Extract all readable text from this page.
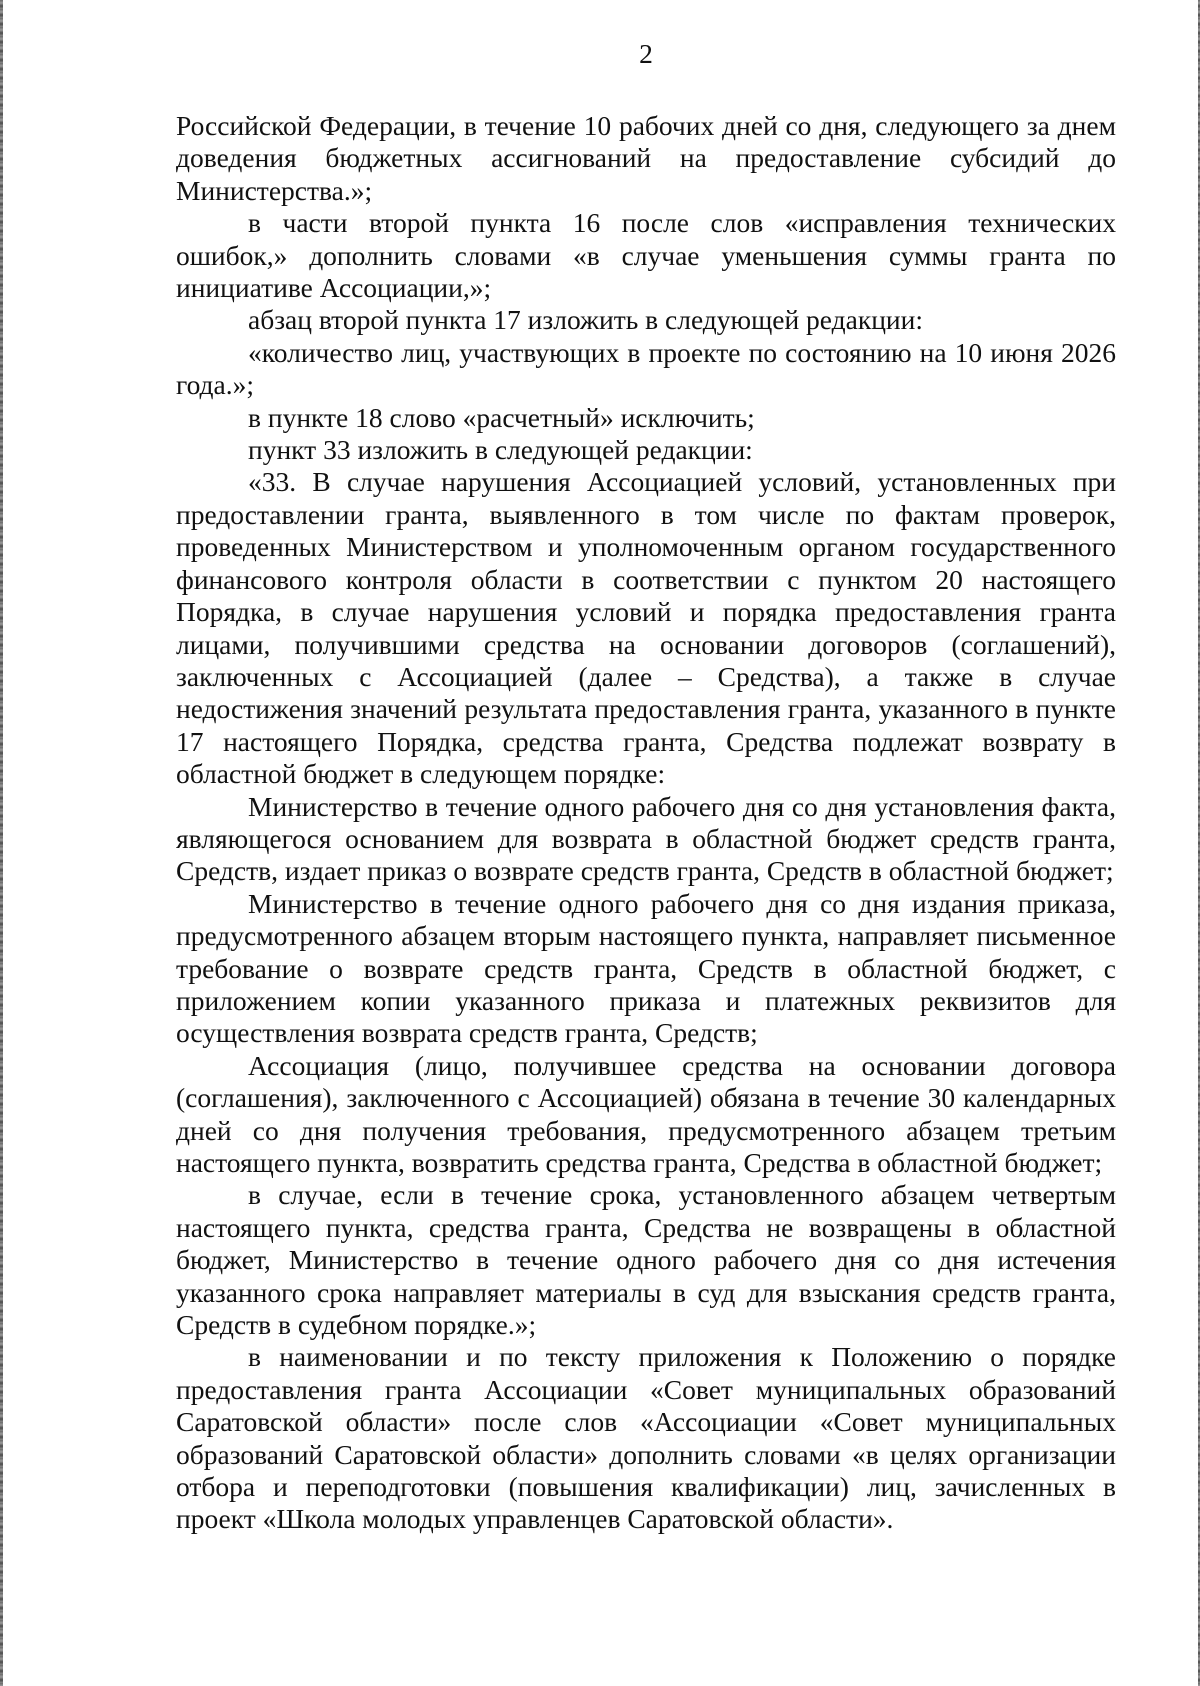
2

Российской Федерации, в течение 10 рабочих дней со дня, следующего за днем доведения бюджетных ассигнований на предоставление субсидий до Министерства.»;

в части второй пункта 16 после слов «исправления технических ошибок,» дополнить словами «в случае уменьшения суммы гранта по инициативе Ассоциации,»;

абзац второй пункта 17 изложить в следующей редакции:

«количество лиц, участвующих в проекте по состоянию на 10 июня 2026 года.»;

в пункте 18 слово «расчетный» исключить;

пункт 33 изложить в следующей редакции:

«33. В случае нарушения Ассоциацией условий, установленных при предоставлении гранта, выявленного в том числе по фактам проверок, проведенных Министерством и уполномоченным органом государственного финансового контроля области в соответствии с пунктом 20 настоящего Порядка, в случае нарушения условий и порядка предоставления гранта лицами, получившими средства на основании договоров (соглашений), заключенных с Ассоциацией (далее – Средства), а также в случае недостижения значений результата предоставления гранта, указанного в пункте 17 настоящего Порядка, средства гранта, Средства подлежат возврату в областной бюджет в следующем порядке:

Министерство в течение одного рабочего дня со дня установления факта, являющегося основанием для возврата в областной бюджет средств гранта, Средств, издает приказ о возврате средств гранта, Средств в областной бюджет;

Министерство в течение одного рабочего дня со дня издания приказа, предусмотренного абзацем вторым настоящего пункта, направляет письменное требование о возврате средств гранта, Средств в областной бюджет, с приложением копии указанного приказа и платежных реквизитов для осуществления возврата средств гранта, Средств;

Ассоциация (лицо, получившее средства на основании договора (соглашения), заключенного с Ассоциацией) обязана в течение 30 календарных дней со дня получения требования, предусмотренного абзацем третьим настоящего пункта, возвратить средства гранта, Средства в областной бюджет;

в случае, если в течение срока, установленного абзацем четвертым настоящего пункта, средства гранта, Средства не возвращены в областной бюджет, Министерство в течение одного рабочего дня со дня истечения указанного срока направляет материалы в суд для взыскания средств гранта, Средств в судебном порядке.»;

в наименовании и по тексту приложения к Положению о порядке предоставления гранта Ассоциации «Совет муниципальных образований Саратовской области» после слов «Ассоциации «Совет муниципальных образований Саратовской области» дополнить словами «в целях организации отбора и переподготовки (повышения квалификации) лиц, зачисленных в проект «Школа молодых управленцев Саратовской области».
